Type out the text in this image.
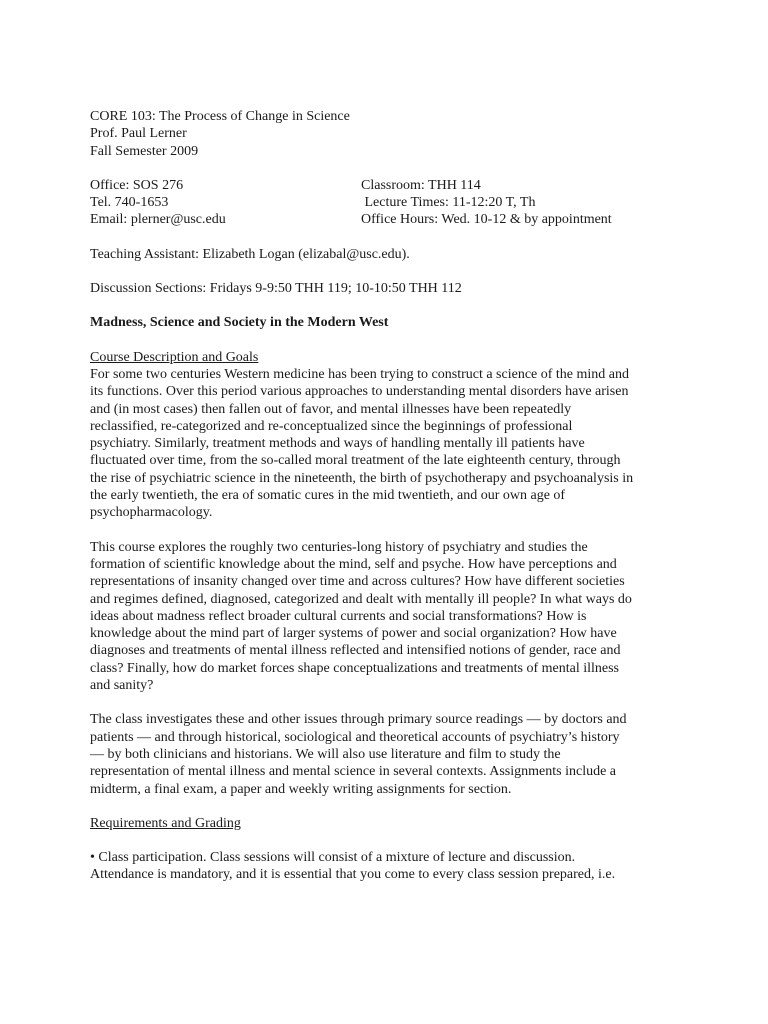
CORE 103: The Process of Change in Science
Prof. Paul Lerner
Fall Semester 2009
Office: SOS 276	Classroom: THH 114
Tel. 740-1653	Lecture Times: 11-12:20 T, Th
Email: plerner@usc.edu	Office Hours: Wed. 10-12 & by appointment
Teaching Assistant: Elizabeth Logan (elizabal@usc.edu).
Discussion Sections: Fridays 9-9:50 THH 119; 10-10:50 THH 112
Madness, Science and Society in the Modern West
Course Description and Goals
For some two centuries Western medicine has been trying to construct a science of the mind and
its functions. Over this period various approaches to understanding mental disorders have arisen
and (in most cases) then fallen out of favor, and mental illnesses have been repeatedly
reclassified, re-categorized and re-conceptualized since the beginnings of professional
psychiatry. Similarly, treatment methods and ways of handling mentally ill patients have
fluctuated over time, from the so-called moral treatment of the late eighteenth century, through
the rise of psychiatric science in the nineteenth, the birth of psychotherapy and psychoanalysis in
the early twentieth, the era of somatic cures in the mid twentieth, and our own age of
psychopharmacology.
This course explores the roughly two centuries-long history of psychiatry and studies the
formation of scientific knowledge about the mind, self and psyche. How have perceptions and
representations of insanity changed over time and across cultures? How have different societies
and regimes defined, diagnosed, categorized and dealt with mentally ill people? In what ways do
ideas about madness reflect broader cultural currents and social transformations? How is
knowledge about the mind part of larger systems of power and social organization? How have
diagnoses and treatments of mental illness reflected and intensified notions of gender, race and
class? Finally, how do market forces shape conceptualizations and treatments of mental illness
and sanity?
The class investigates these and other issues through primary source readings — by doctors and
patients — and through historical, sociological and theoretical accounts of psychiatry’s history
— by both clinicians and historians. We will also use literature and film to study the
representation of mental illness and mental science in several contexts. Assignments include a
midterm, a final exam, a paper and weekly writing assignments for section.
Requirements and Grading
• Class participation. Class sessions will consist of a mixture of lecture and discussion.
Attendance is mandatory, and it is essential that you come to every class session prepared, i.e.
